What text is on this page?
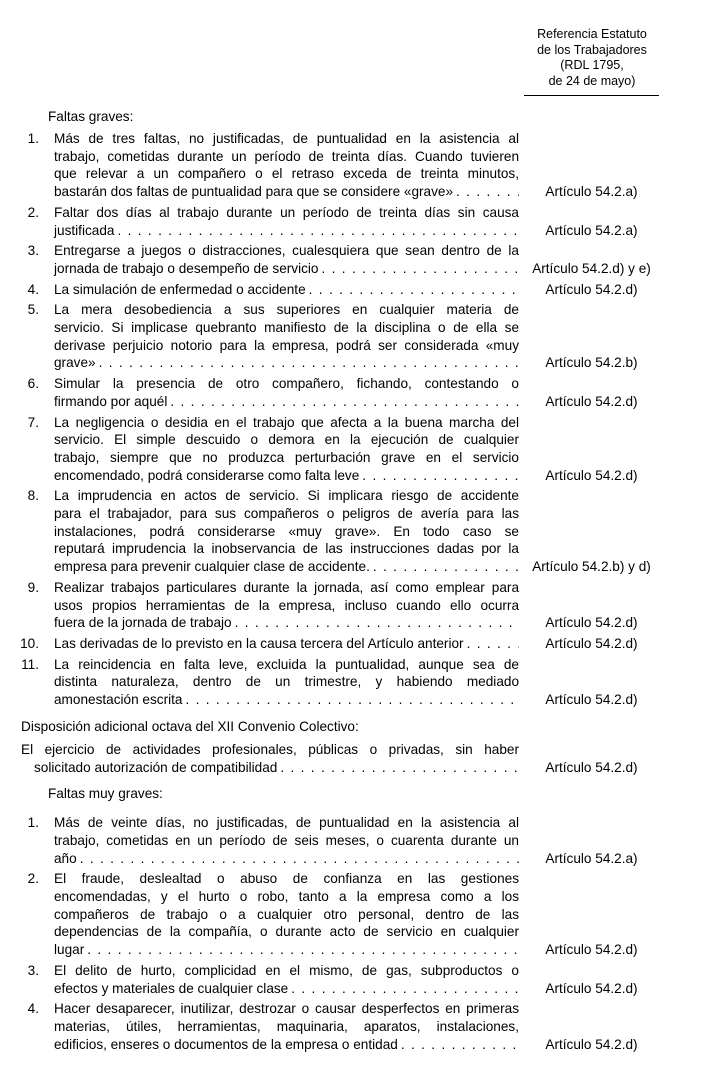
Referencia Estatuto
de los Trabajadores
(RDL 1795,
de 24 de mayo)
Faltas graves:
1. Más de tres faltas, no justificadas, de puntualidad en la asistencia al
trabajo, cometidas durante un período de treinta días. Cuando tuvieren
que relevar a un compañero o el retraso exceda de treinta minutos,
bastarán dos faltas de puntualidad para que se considere «grave» . . .	Artículo 54.2.a)
2. Faltar dos días al trabajo durante un período de treinta días sin causa
justificada . . .	Artículo 54.2.a)
3. Entregarse a juegos o distracciones, cualesquiera que sean dentro de la
jornada de trabajo o desempeño de servicio . . .	Artículo 54.2.d) y e)
4. La simulación de enfermedad o accidente . . .	Artículo 54.2.d)
5. La mera desobediencia a sus superiores en cualquier materia de
servicio. Si implicase quebranto manifiesto de la disciplina o de ella se
derivase perjuicio notorio para la empresa, podrá ser considerada «muy
grave» . . .	Artículo 54.2.b)
6. Simular la presencia de otro compañero, fichando, contestando o
firmando por aquél . . .	Artículo 54.2.d)
7. La negligencia o desidia en el trabajo que afecta a la buena marcha del
servicio. El simple descuido o demora en la ejecución de cualquier
trabajo, siempre que no produzca perturbación grave en el servicio
encomendado, podrá considerarse como falta leve . . .	Artículo 54.2.d)
8. La imprudencia en actos de servicio. Si implicara riesgo de accidente
para el trabajador, para sus compañeros o peligros de avería para las
instalaciones, podrá considerarse «muy grave». En todo caso se
reputará imprudencia la inobservancia de las instrucciones dadas por la
empresa para prevenir cualquier clase de accidente. . . .	Artículo 54.2.b) y d)
9. Realizar trabajos particulares durante la jornada, así como emplear para
usos propios herramientas de la empresa, incluso cuando ello ocurra
fuera de la jornada de trabajo . . .	Artículo 54.2.d)
10. Las derivadas de lo previsto en la causa tercera del Artículo anterior . . .	Artículo 54.2.d)
11. La reincidencia en falta leve, excluida la puntualidad, aunque sea de
distinta naturaleza, dentro de un trimestre, y habiendo mediado
amonestación escrita . . .	Artículo 54.2.d)
Disposición adicional octava del XII Convenio Colectivo:
El ejercicio de actividades profesionales, públicas o privadas, sin haber
solicitado autorización de compatibilidad . . .	Artículo 54.2.d)
Faltas muy graves:
1. Más de veinte días, no justificadas, de puntualidad en la asistencia al
trabajo, cometidas en un período de seis meses, o cuarenta durante un
año . . .	Artículo 54.2.a)
2. El fraude, deslealtad o abuso de confianza en las gestiones
encomendadas, y el hurto o robo, tanto a la empresa como a los
compañeros de trabajo o a cualquier otro personal, dentro de las
dependencias de la compañía, o durante acto de servicio en cualquier
lugar . . .	Artículo 54.2.d)
3. El delito de hurto, complicidad en el mismo, de gas, subproductos o
efectos y materiales de cualquier clase . . .	Artículo 54.2.d)
4. Hacer desaparecer, inutilizar, destrozar o causar desperfectos en primeras
materias, útiles, herramientas, maquinaria, aparatos, instalaciones,
edificios, enseres o documentos de la empresa o entidad . . .	Artículo 54.2.d)
